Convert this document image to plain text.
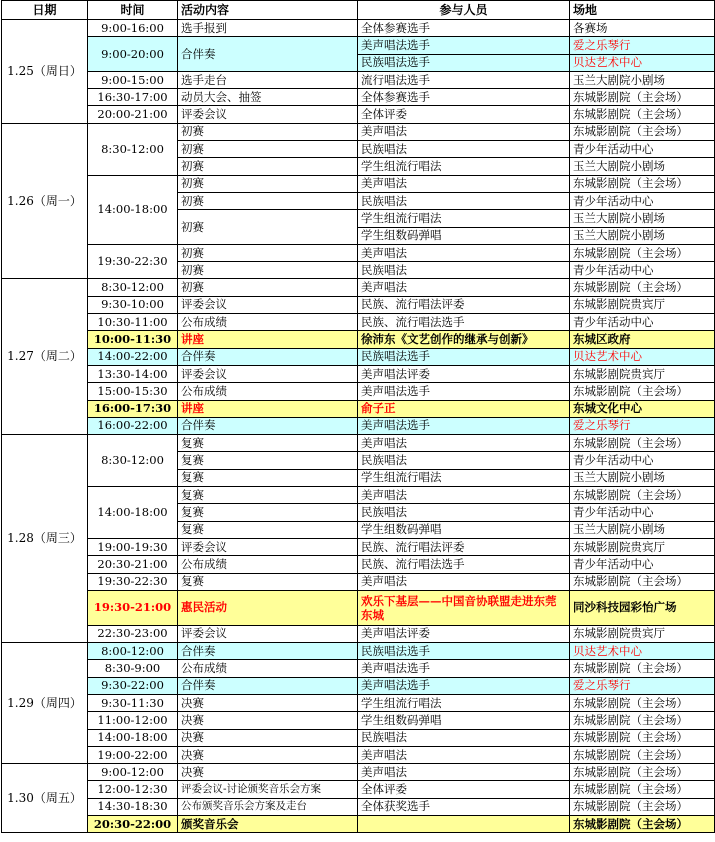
日期	时间	活动内容	参与人员	场地
1.25（周日）	9:00-16:00	选手报到	全体参赛选手	各赛场
	9:00-20:00	合伴奏	美声唱法选手	爱之乐琴行
			民族唱法选手	贝达艺术中心
	9:00-15:00	选手走台	流行唱法选手	玉兰大剧院小剧场
	16:30-17:00	动员大会、抽签	全体参赛选手	东城影剧院（主会场）
	20:00-21:00	评委会议	全体评委	东城影剧院（主会场）
1.26（周一）	8:30-12:00	初赛	美声唱法	东城影剧院（主会场）
		初赛	民族唱法	青少年活动中心
		初赛	学生组流行唱法	玉兰大剧院小剧场
	14:00-18:00	初赛	美声唱法	东城影剧院（主会场）
		初赛	民族唱法	青少年活动中心
		初赛	学生组流行唱法	玉兰大剧院小剧场
			学生组数码弹唱	玉兰大剧院小剧场
	19:30-22:30	初赛	美声唱法	东城影剧院（主会场）
		初赛	民族唱法	青少年活动中心
1.27（周二）	8:30-12:00	初赛	美声唱法	东城影剧院（主会场）
	9:30-10:00	评委会议	民族、流行唱法评委	东城影剧院贵宾厅
	10:30-11:00	公布成绩	民族、流行唱法选手	青少年活动中心
	10:00-11:30	讲座	徐沛东《文艺创作的继承与创新》	东城区政府
	14:00-22:00	合伴奏	民族唱法选手	贝达艺术中心
	13:30-14:00	评委会议	美声唱法评委	东城影剧院贵宾厅
	15:00-15:30	公布成绩	美声唱法选手	东城影剧院（主会场）
	16:00-17:30	讲座	俞子正	东城文化中心
	16:00-22:00	合伴奏	美声唱法选手	爱之乐琴行
1.28（周三）	8:30-12:00	复赛	美声唱法	东城影剧院（主会场）
		复赛	民族唱法	青少年活动中心
		复赛	学生组流行唱法	玉兰大剧院小剧场
	14:00-18:00	复赛	美声唱法	东城影剧院（主会场）
		复赛	民族唱法	青少年活动中心
		复赛	学生组数码弹唱	玉兰大剧院小剧场
	19:00-19:30	评委会议	民族、流行唱法评委	东城影剧院贵宾厅
	20:30-21:00	公布成绩	民族、流行唱法选手	青少年活动中心
	19:30-22:30	复赛	美声唱法	东城影剧院（主会场）
	19:30-21:00	惠民活动	欢乐下基层——中国音协联盟走进东莞东城	同沙科技园彩怡广场
	22:30-23:00	评委会议	美声唱法评委	东城影剧院贵宾厅
1.29（周四）	8:00-12:00	合伴奏	民族唱法选手	贝达艺术中心
	8:30-9:00	公布成绩	美声唱法选手	东城影剧院（主会场）
	9:30-22:00	合伴奏	美声唱法选手	爱之乐琴行
	9:30-11:30	决赛	学生组流行唱法	东城影剧院（主会场）
	11:00-12:00	决赛	学生组数码弹唱	东城影剧院（主会场）
	14:00-18:00	决赛	民族唱法	东城影剧院（主会场）
	19:00-22:00	决赛	美声唱法	东城影剧院（主会场）
1.30（周五）	9:00-12:00	决赛	美声唱法	东城影剧院（主会场）
	12:00-12:30	评委会议-讨论颁奖音乐会方案	全体评委	东城影剧院（主会场）
	14:30-18:30	公布颁奖音乐会方案及走台	全体获奖选手	东城影剧院（主会场）
	20:30-22:00	颁奖音乐会		东城影剧院（主会场）
